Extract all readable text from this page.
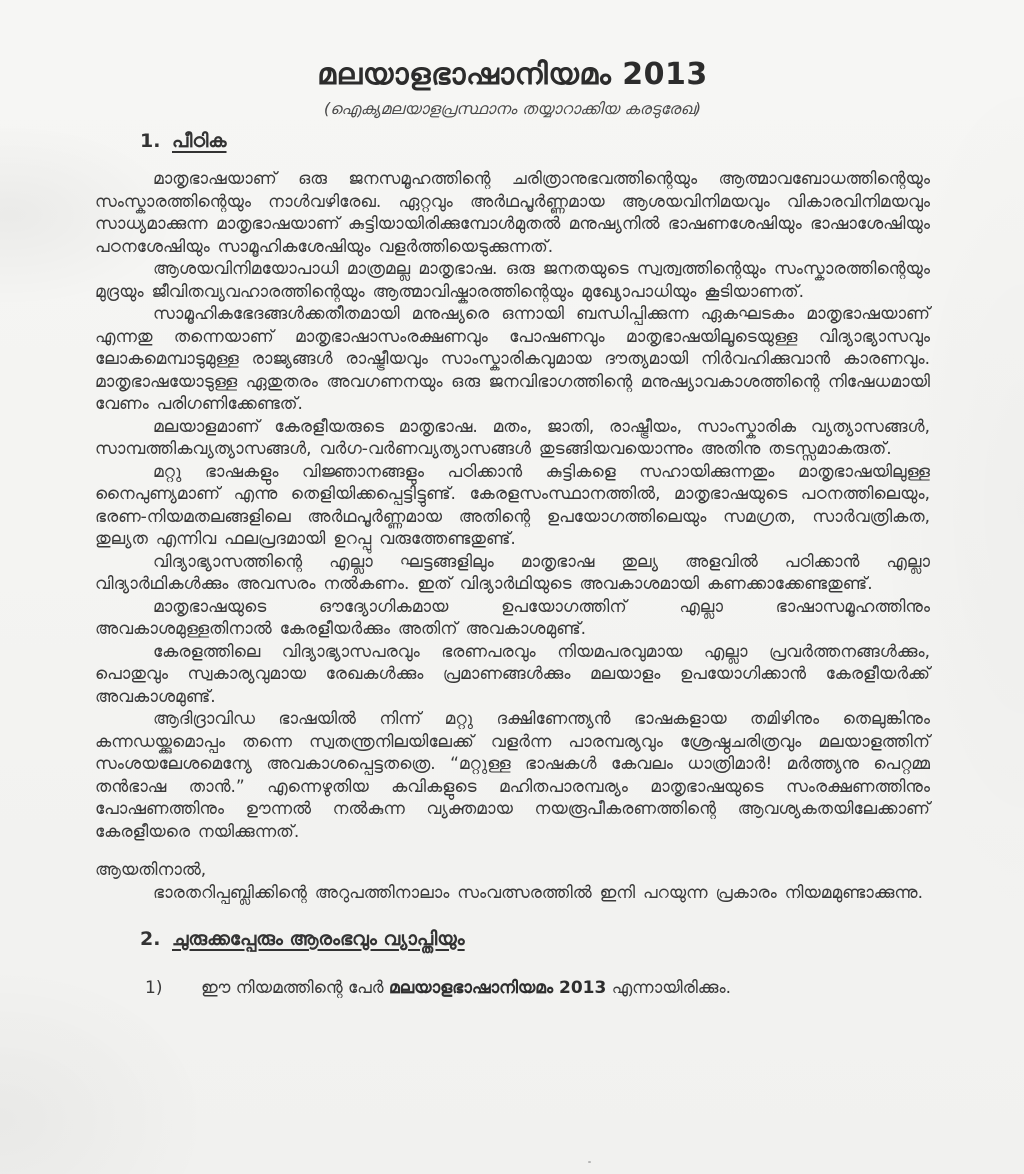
മലയാളഭാഷാനിയമം 2013
(ഐക്യമലയാളപ്രസ്ഥാനം തയ്യാറാക്കിയ കരടുരേഖ)
1. പീഠിക

മാതൃഭാഷയാണ് ഒരു ജനസമൂഹത്തിന്റെ ചരിത്രാനുഭവത്തിന്റെയും ആത്മാവബോധത്തിന്റെയും സംസ്കാരത്തിന്റെയും നാൾവഴിരേഖ. ഏറ്റവും അർഥപൂർണ്ണമായ ആശയവിനിമയവും വികാരവിനിമയവും സാധ്യമാക്കുന്ന മാതൃഭാഷയാണ് കുട്ടിയായിരിക്കുമ്പോൾമുതൽ മനുഷ്യനിൽ ഭാഷണശേഷിയും ഭാഷാശേഷിയും പഠനശേഷിയും സാമൂഹികശേഷിയും വളർത്തിയെടുക്കുന്നത്.

ആശയവിനിമയോപാധി മാത്രമല്ല മാതൃഭാഷ. ഒരു ജനതയുടെ സ്വത്വത്തിന്റെയും സംസ്കാരത്തിന്റെയും മുദ്രയും ജീവിതവ്യവഹാരത്തിന്റെയും ആത്മാവിഷ്കാരത്തിന്റെയും മുഖ്യോപാധിയും കൂടിയാണത്.

സാമൂഹികഭേദങ്ങൾക്കതീതമായി മനുഷ്യരെ ഒന്നായി ബന്ധിപ്പിക്കുന്ന ഏകഘടകം മാതൃഭാഷയാണ് എന്നതു തന്നെയാണ് മാതൃഭാഷാസംരക്ഷണവും പോഷണവും മാതൃഭാഷയിലൂടെയുള്ള വിദ്യാഭ്യാസവും ലോകമെമ്പാടുമുള്ള രാജ്യങ്ങൾ രാഷ്ട്രീയവും സാംസ്കാരികവുമായ ദൗത്യമായി നിർവഹിക്കുവാൻ കാരണവും. മാതൃഭാഷയോടുള്ള ഏതുതരം അവഗണനയും ഒരു ജനവിഭാഗത്തിന്റെ മനുഷ്യാവകാശത്തിന്റെ നിഷേധമായി വേണം പരിഗണിക്കേണ്ടത്.

മലയാളമാണ് കേരളീയരുടെ മാതൃഭാഷ. മതം, ജാതി, രാഷ്ട്രീയം, സാംസ്കാരിക വ്യത്യാസങ്ങൾ, സാമ്പത്തികവ്യത്യാസങ്ങൾ, വർഗ-വർണവ്യത്യാസങ്ങൾ തുടങ്ങിയവയൊന്നും അതിനു തടസ്സമാകരുത്.

മറ്റു ഭാഷകളും വിജ്ഞാനങ്ങളും പഠിക്കാൻ കുട്ടികളെ സഹായിക്കുന്നതും മാതൃഭാഷയിലുള്ള നൈപുണ്യമാണ് എന്നു തെളിയിക്കപ്പെട്ടിട്ടുണ്ട്. കേരളസംസ്ഥാനത്തിൽ, മാതൃഭാഷയുടെ പഠനത്തിലെയും, ഭരണ-നിയമതലങ്ങളിലെ അർഥപൂർണ്ണമായ അതിന്റെ ഉപയോഗത്തിലെയും സമഗ്രത, സാർവത്രികത, തുല്യത എന്നിവ ഫലപ്രദമായി ഉറപ്പു വരുത്തേണ്ടതുണ്ട്.

വിദ്യാഭ്യാസത്തിന്റെ എല്ലാ ഘട്ടങ്ങളിലും മാതൃഭാഷ തുല്യ അളവിൽ പഠിക്കാൻ എല്ലാ വിദ്യാർഥികൾക്കും അവസരം നൽകണം. ഇത് വിദ്യാർഥിയുടെ അവകാശമായി കണക്കാക്കേണ്ടതുണ്ട്.

മാതൃഭാഷയുടെ ഔദ്യോഗികമായ ഉപയോഗത്തിന് എല്ലാ ഭാഷാസമൂഹത്തിനും അവകാശമുള്ളതിനാൽ കേരളീയർക്കും അതിന് അവകാശമുണ്ട്.

കേരളത്തിലെ വിദ്യാഭ്യാസപരവും ഭരണപരവും നിയമപരവുമായ എല്ലാ പ്രവർത്തനങ്ങൾക്കും, പൊതുവും സ്വകാര്യവുമായ രേഖകൾക്കും പ്രമാണങ്ങൾക്കും മലയാളം ഉപയോഗിക്കാൻ കേരളീയർക്ക് അവകാശമുണ്ട്.

ആദിദ്രാവിഡ ഭാഷയിൽ നിന്ന് മറ്റു ദക്ഷിണേന്ത്യൻ ഭാഷകളായ തമിഴിനും തെലുങ്കിനും കന്നഡയ്ക്കുമൊപ്പം തന്നെ സ്വതന്ത്രനിലയിലേക്ക് വളർന്ന പാരമ്പര്യവും ശ്രേഷ്ഠചരിത്രവും മലയാളത്തിന് സംശയലേശമെന്യേ അവകാശപ്പെട്ടതത്രെ. “മറ്റുള്ള ഭാഷകൾ കേവലം ധാത്രിമാർ! മർത്ത്യനു പെറ്റമ്മ തൻഭാഷ താൻ.” എന്നെഴുതിയ കവികളുടെ മഹിതപാരമ്പര്യം മാതൃഭാഷയുടെ സംരക്ഷണത്തിനും പോഷണത്തിനും ഊന്നൽ നൽകുന്ന വ്യക്തമായ നയരൂപീകരണത്തിന്റെ ആവശ്യകതയിലേക്കാണ് കേരളീയരെ നയിക്കുന്നത്.

ആയതിനാൽ,

ഭാരതറിപ്പബ്ലിക്കിന്റെ അറുപത്തിനാലാം സംവത്സരത്തിൽ ഇനി പറയുന്ന പ്രകാരം നിയമമുണ്ടാക്കുന്നു.

2. ചുരുക്കപ്പേരും ആരംഭവും വ്യാപ്തിയും
1)	ഈ നിയമത്തിന്റെ പേർ മലയാളഭാഷാനിയമം 2013 എന്നായിരിക്കും.
